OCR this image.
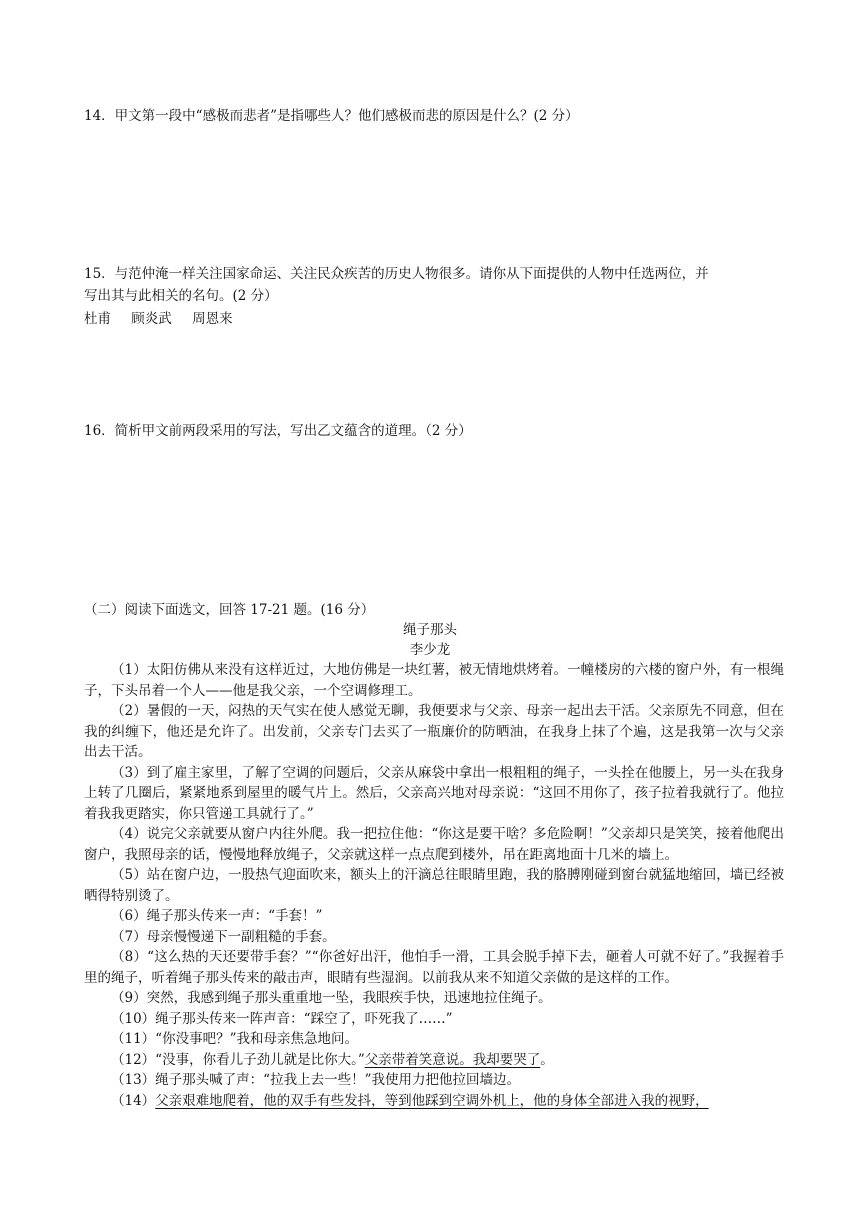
14．甲文第一段中“感极而悲者”是指哪些人？他们感极而悲的原因是什么？(2 分）
15．与范仲淹一样关注国家命运、关注民众疾苦的历史人物很多。请你从下面提供的人物中任选两位，并
写出其与此相关的名句。(2 分）
杜甫 顾炎武 周恩来
16．简析甲文前两段采用的写法，写出乙文蕴含的道理。（2 分）
（二）阅读下面选文，回答 17-21 题。(16 分）
绳子那头
李少龙

（1）太阳仿佛从来没有这样近过，大地仿佛是一块红薯，被无情地烘烤着。一幢楼房的六楼的窗户外，有一根绳子，下头吊着一个人——他是我父亲，一个空调修理工。

（2）暑假的一天，闷热的天气实在使人感觉无聊，我便要求与父亲、母亲一起出去干活。父亲原先不同意，但在我的纠缠下，他还是允许了。出发前，父亲专门去买了一瓶廉价的防晒油，在我身上抹了个遍，这是我第一次与父亲出去干活。

（3）到了雇主家里，了解了空调的问题后，父亲从麻袋中拿出一根粗粗的绳子，一头拴在他腰上，另一头在我身上转了几圈后，紧紧地系到屋里的暖气片上。然后，父亲高兴地对母亲说：“这回不用你了，孩子拉着我就行了。他拉着我我更踏实，你只管递工具就行了。”

（4）说完父亲就要从窗户内往外爬。我一把拉住他：“你这是要干啥？多危险啊！”父亲却只是笑笑，接着他爬出窗户，我照母亲的话，慢慢地释放绳子，父亲就这样一点点爬到楼外，吊在距离地面十几米的墙上。

（5）站在窗户边，一股热气迎面吹来，额头上的汗滴总往眼睛里跑，我的胳膊刚碰到窗台就猛地缩回，墙已经被晒得特别烫了。

（6）绳子那头传来一声：“手套！”

（7）母亲慢慢递下一副粗糙的手套。

（8）“这么热的天还要带手套？”“你爸好出汗，他怕手一滑，工具会脱手掉下去，砸着人可就不好了。”我握着手里的绳子，听着绳子那头传来的敲击声，眼睛有些湿润。以前我从来不知道父亲做的是这样的工作。

（9）突然，我感到绳子那头重重地一坠，我眼疾手快，迅速地拉住绳子。

（10）绳子那头传来一阵声音：“踩空了，吓死我了……”

（11）“你没事吧？”我和母亲焦急地问。

（12）“没事，你看儿子劲儿就是比你大。”父亲带着笑意说。我却要哭了。

（13）绳子那头喊了声：“拉我上去一些！”我使用力把他拉回墙边。

（14）父亲艰难地爬着，他的双手有些发抖，等到他踩到空调外机上，他的身体全部进入我的视野，
